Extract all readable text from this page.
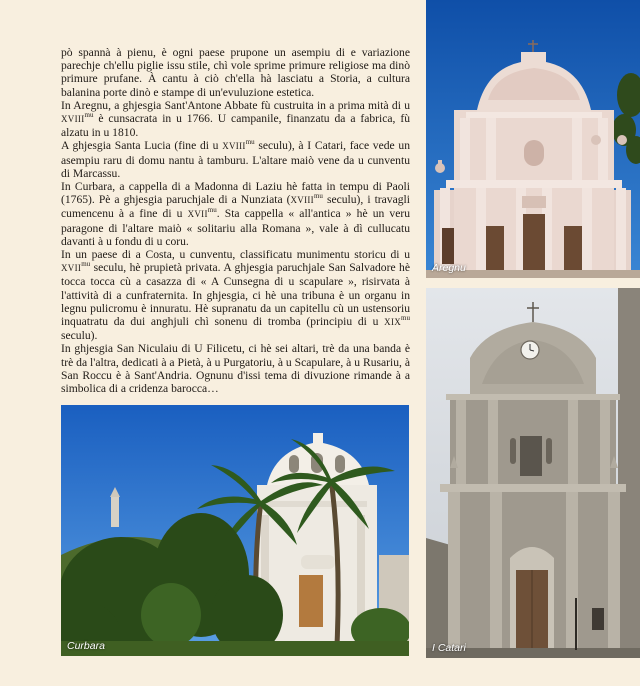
pò spannà à pienu, è ogni paese prupone un asempiu di e variazione parechje ch'ellu piglie issu stile, chì vole sprime primure religiose ma dinò primure prufane. À cantu à ciò ch'ella hà lasciatu a Storia, a cultura balanina porte dinò e stampe di un'evuluzione estetica.

In Aregnu, a ghjesgia Sant'Antone Abbate fù custruita in a prima mità di u $XVIII^{mu}$ è cunsacrata in u 1766. U campanile, finanzatu da a fabrica, fù alzatu in u 1810.

A ghjesgia Santa Lucia (fine di u $XVIII^{mu}$ seculu), à I Catari, face vede un asempiu raru di domu nantu à tamburu. L'altare maiò vene da u cunventu di Marcassu.

In Curbara, a cappella di a Madonna di Laziu hè fatta in tempu di Paoli (1765). Pè a ghjesgia paruchjale di a Nunziata ($XVIII^{mu}$ seculu), i travagli cumencenu à a fine di u $XVII^{mu}$. Sta cappella « all'antica » hè un veru paragone di l'altare maiò « solitariu alla Romana », vale à dì cullucatu davanti à u fondu di u coru.

In un paese di a Costa, u cunventu, classificatu munimentu storicu di u $XVII^{mu}$ seculu, hè prupietà privata. A ghjesgia paruchjale San Salvadore hè tocca tocca cù a casazza di « A Cunsegna di u scapulare », risirvata à l'attività di a cunfraternita. In ghjesgia, ci hè una tribuna è un organu in legnu pulicromu è innuratu. Hè supranatu da un capitellu cù un ustensoriu inquatratu da dui anghjuli chì sonenu di tromba (principiu di u $XIX^{mu}$ seculu).

In ghjesgia San Niculaiu di U Filicetu, ci hè sei altari, trè da una banda è trè da l'altra, dedicati à a Pietà, à u Purgatoriu, à u Scapulare, à u Rusariu, à San Roccu è à Sant'Andria. Ognunu d'issi tema di divuzione rimande à a simbolica di a cridenza barocca…

Aregnu
I Catari
Curbara
